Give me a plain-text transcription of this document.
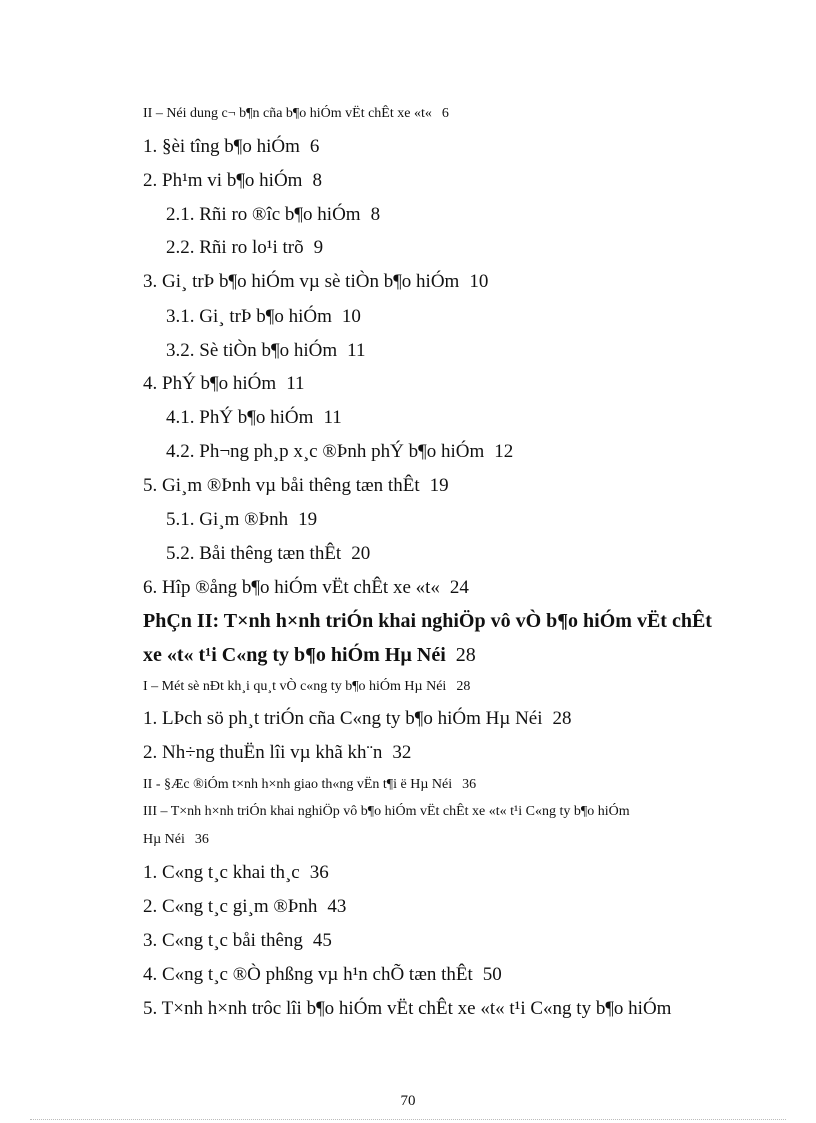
II – Néi dung c¬ b¶n cña b¶o hiÓm vËt chÊt xe «t« 6
1. §èi tîng b¶o hiÓm 6
2. Ph¹m vi b¶o hiÓm 8
2.1. Rñi ro ®îc b¶o hiÓm 8
2.2. Rñi ro lo¹i trõ 9
3. Gi¸ trÞ b¶o hiÓm vµ sè tiÒn b¶o hiÓm 10
3.1. Gi¸ trÞ b¶o hiÓm 10
3.2. Sè tiÒn b¶o hiÓm 11
4. PhÝ b¶o hiÓm 11
4.1. PhÝ b¶o hiÓm 11
4.2. Ph¬ng ph¸p x¸c ®Þnh phÝ b¶o hiÓm 12
5. Gi¸m ®Þnh vµ båi thêng tæn thÊt 19
5.1. Gi¸m ®Þnh 19
5.2. Båi thêng tæn thÊt 20
6. Hîp ®ång b¶o hiÓm vËt chÊt xe «t« 24
PhÇn II: T×nh h×nh triÓn khai nghiÖp vô vÒ b¶o hiÓm vËt chÊt
xe «t« t¹i C«ng ty b¶o hiÓm Hµ Néi 28
I – Mét sè nÐt kh¸i qu¸t vÒ c«ng ty b¶o hiÓm Hµ Néi 28
1. LÞch sö ph¸t triÓn cña C«ng ty b¶o hiÓm Hµ Néi 28
2. Nh÷ng thuËn lîi vµ khã kh¨n 32
II - §Æc ®iÓm t×nh h×nh giao th«ng vËn t¶i ë Hµ Néi 36
III – T×nh h×nh triÓn khai nghiÖp vô b¶o hiÓm vËt chÊt xe «t« t¹i C«ng ty b¶o hiÓm
Hµ Néi 36
1. C«ng t¸c khai th¸c 36
2. C«ng t¸c gi¸m ®Þnh 43
3. C«ng t¸c båi thêng 45
4. C«ng t¸c ®Ò phßng vµ h¹n chÕ tæn thÊt 50
5. T×nh h×nh trôc lîi b¶o hiÓm vËt chÊt xe «t« t¹i C«ng ty b¶o hiÓm
70
